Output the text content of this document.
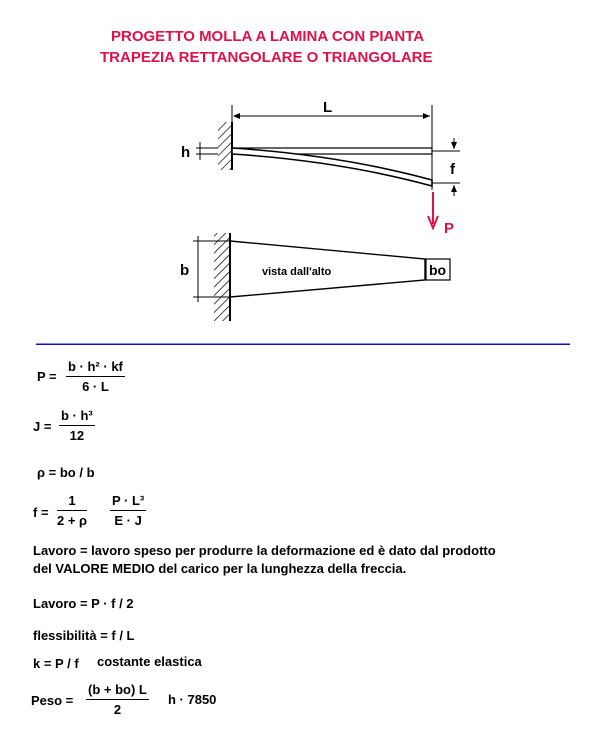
PROGETTO MOLLA A LAMINA CON PIANTA
TRAPEZIA RETTANGOLARE O TRIANGOLARE
L
h
f
P
vista dall'alto
b	bo
$P = \frac{\text{b · h² · kf}}{6 \cdot L}$
$J = \frac{\text{b · h³}}{12}$
ρ = bo / b
$f = \frac{1}{2 + \rho} \frac{\text{P · L³}}{E \cdot J}$
Lavoro = lavoro speso per produrre la deformazione ed è dato dal prodotto
del VALORE MEDIO del carico per la lunghezza della freccia.
Lavoro = P · f / 2
flessibilità = f / L
k = P / f costante elastica
Peso = $\frac{(b + bo) L}{2}$ h · 7850
